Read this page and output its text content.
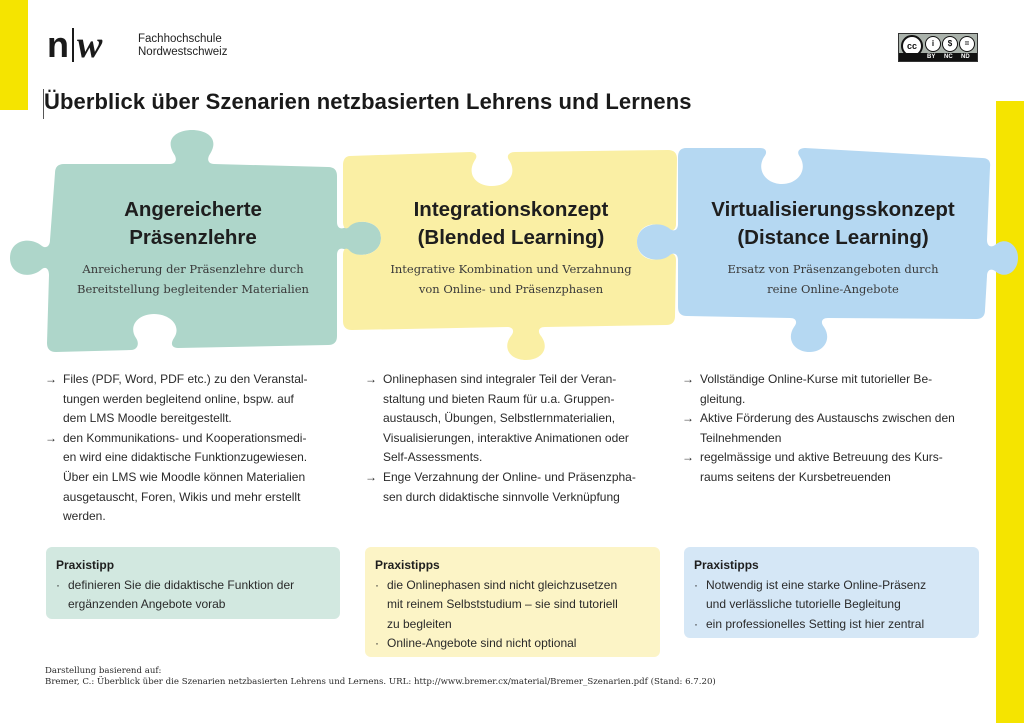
n w	Fachhochschule
Nordwestschweiz	cc	i	$	=
BY NC ND
Überblick über Szenarien netzbasierten Lehrens und Lernens
Angereicherte
Präsenzlehre
Anreicherung der Präsenzlehre durch
Bereitstellung begleitender Materialien
Integrationskonzept
(Blended Learning)
Integrative Kombination und Verzahnung
von Online- und Präsenzphasen
Virtualisierungsskonzept
(Distance Learning)
Ersatz von Präsenzangeboten durch
reine Online-Angebote
→ Files (PDF, Word, PDF etc.) zu den Veranstal-
tungen werden begleitend online, bspw. auf
dem LMS Moodle bereitgestellt.
→ den Kommunikations- und Kooperationsmedi-
en wird eine didaktische Funktionzugewiesen.
Über ein LMS wie Moodle können Materialien
ausgetauscht, Foren, Wikis und mehr erstellt
werden.
→ Onlinephasen sind integraler Teil der Veran-
staltung und bieten Raum für u.a. Gruppen-
austausch, Übungen, Selbstlernmaterialien,
Visualisierungen, interaktive Animationen oder
Self-Assessments.
→ Enge Verzahnung der Online- und Präsenzpha-
sen durch didaktische sinnvolle Verknüpfung
→ Vollständige Online-Kurse mit tutorieller Be-
gleitung.
→ Aktive Förderung des Austauschs zwischen den
Teilnehmenden
→ regelmässige und aktive Betreuung des Kurs-
raums seitens der Kursbetreuenden
Praxistipp
· definieren Sie die didaktische Funktion der
ergänzenden Angebote vorab
Praxistipps
· die Onlinephasen sind nicht gleichzusetzen
mit reinem Selbststudium – sie sind tutoriell
zu begleiten
· Online-Angebote sind nicht optional
Praxistipps
· Notwendig ist eine starke Online-Präsenz
und verlässliche tutorielle Begleitung
· ein professionelles Setting ist hier zentral
Darstellung basierend auf:
Bremer, C.: Überblick über die Szenarien netzbasierten Lehrens und Lernens. URL: http://www.bremer.cx/material/Bremer_Szenarien.pdf (Stand: 6.7.20)
